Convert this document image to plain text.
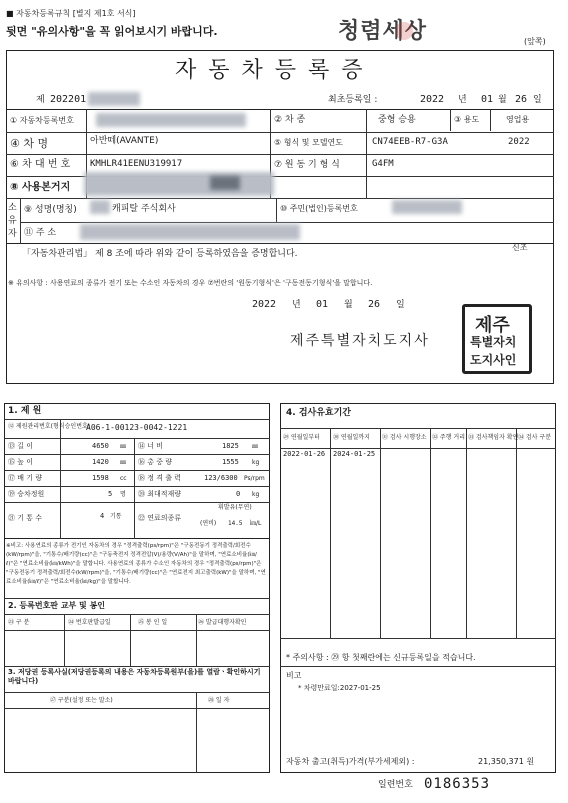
■ 자동차등록규칙 [별지 제1호 서식]
뒷면 "유의사항"을 꼭 읽어보시기 바랍니다.	청렴세상	(앞쪽)
자동차등록증
제 202201	최초등록일 :	2022 년 01 월 26 일
① 자동차등록번호	② 차 종	중형 승용	③ 용도	영업용
④ 차 명	아반떼(AVANTE)	⑤ 형식 및 모델연도	CN74EEB-R7-G3A	2022
⑥ 차 대 번 호 KMHLR41EENU319917	⑦ 원 동 기 형 식	G4FM
⑧ 사용본거지
소유자
⑨ 성명(명칭)	캐피탈 주식회사	⑩ 주민(법인)등록번호
⑪ 주 소
「자동차관리법」 제 8 조에 따라 위와 같이 등록하였음을 증명합니다.
신조
※ 유의사항 : 사용연료의 종류가 전기 또는 수소인 자동차의 경우 ⑦번란의 '원동기형식'은 '구동전동기형식'을 말합니다.
2022 년 01 월 26 일
제주특별자치도지사
제주
특별자치
도지사인
1. 제 원
⑫ 제원관리번호(형식승인번호)
A06-1-00123-0042-1221
⑬ 길 이	4650 ㎜ ⑭ 너 비	1825 ㎜
⑮ 높 이	1420 ㎜ ⑯ 총 중 량	1555 kg
⑰ 배 기 량	1598 cc ⑱ 정 격 출 력	123/6300 Ps/rpm
⑲ 승차정원	5 명 ⑳ 최대적재량	0 kg
㉑ 기 통 수	4 기통 ㉒ 연료의종류
휘발유(무연)
(연비) 14.5 ㎞/L
※비고: 사용연료의 종류가 전기인 자동차의 경우 "정격출력(ps/rpm)"은 "구동전동기 정격출력/회전수(kW/rpm)"을, "기통수/배기량(cc)"은 "구동축전지 정격전압(V)/용량(V/Ah)"을 말하며, "연료소비율(㎞/ℓ)"은 "연료소비율(㎞/kWh)"을 말합니다. 사용연료의 종류가 수소인 자동차의 경우 "정격출력(ps/rpm)"은 "구동전동기 정격출력/회전수(kW/rpm)"을, "기통수/배기량(cc)"은 "연료전지 최고출력(kW)"을 말하며, "연료소비율(㎞/ℓ)"은 "연료소비율(㎞/kg)"을 말합니다.
2. 등록번호판 교부 및 봉인
㉓ 구 분	㉔ 번호판발급일	㉕ 봉 인 일	㉖ 발급대행자확인
3. 저당권 등록사실(저당권등록의 내용은 자동차등록원부(을)를 열람ㆍ확인하시기 바랍니다)
㉗ 구분(설정 또는 말소)	㉘ 일 자
4. 검사유효기간
㉙ 연월일부터 ㉚ 연월일까지 ㉛ 검사 시행장소 ㉜ 주행 거리 ㉝ 검사책임자 확인 ㉞ 검사 구분
2022-01-26 2024-01-25
* 주의사항 : ㉙ 항 첫째란에는 신규등록일을 적습니다.
비고
* 차령만료일:2027-01-25
자동차 출고(취득)가격(부가세제외) :	21,350,371 원
일련번호 0186353
